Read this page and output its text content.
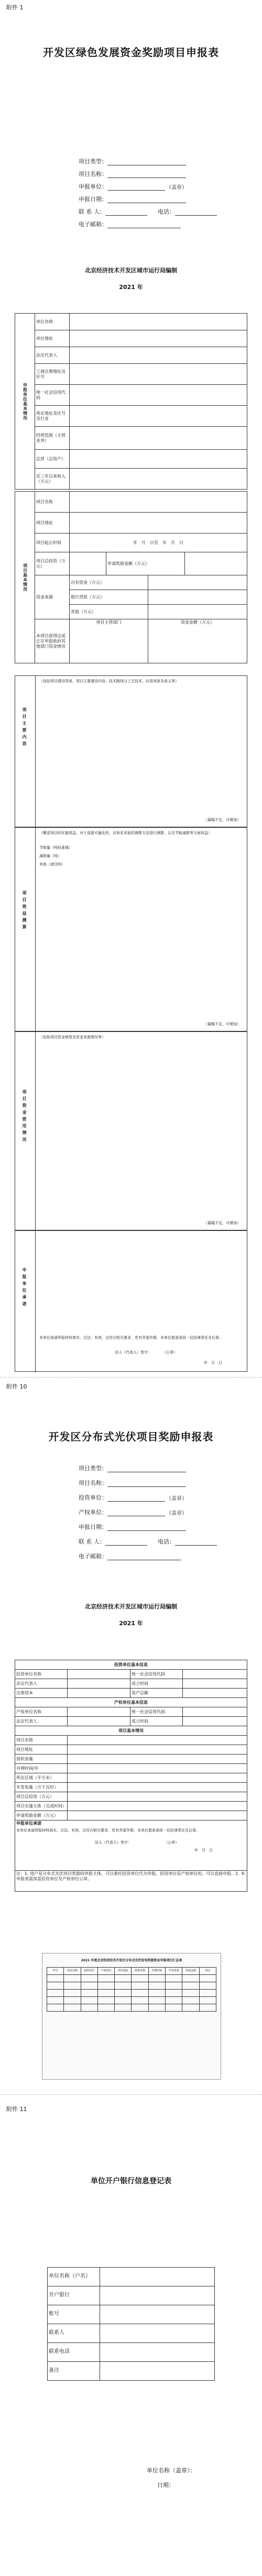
附件 1
开发区绿色发展资金奖励项目申报表
项目类型：
项目名称：
申报单位：	（盖章）
申报日期：
联 系 人：	电话：
电子邮箱：
北京经济技术开发区城市运行局编制
2021 年
申报单位基本情况	单位名称	
	单位地址	
	法定代表人	
	工商注册地址及区号	
	统一社会信用代码	
	所在地址及区号及行业	
	经营范围（主营业务）	
	总营（总资产）	
	近三年以来收入（万元）	
项目基本情况	项目名称				
	项目地址				
	项目起止时间	年　月　日至　年　月　日			
	项目总投资（万元）		申请奖励金额（万元）		
	资金来源	自有资金（万元）			
		银行贷款（万元）			
		其他（万元）			
	本项目获得过或正在申报政府其他部门资金情况	项目主管部门		资金金额（万元）	
项目主要内容
（包括项目建设背景，项目主要建设内容，技术路线与工艺技术，应用场景及意义等）
（篇幅不足，可增加）
项目效益测算
（概述项目的实施效益，对于直接可量化的，应如实采取的测算方法进行测算，以及节能减排等方面效益）
节能量（吨标准煤）
减排量（吨）
其他（请注明）
（篇幅不足，可增加）
项目资金使用情况
（包括项目资金使用及资金来源情况等）
（篇幅不足，可增加）
申报单位承诺
本单位承诺所报材料真实、合法、有效，且符合相关要求，若有弄虚作假，本单位愿意承担一切法律责任及后果。
法人（代表人）签字：　　　　（公章）
年　月　日
附件 10
开发区分布式光伏项目奖励申报表
项目类型：
项目名称：
投资单位：	（盖章）
产权单位：	（盖章）
申报日期：
联 系 人：	电话：
电子邮箱：
北京经济技术开发区城市运行局编制
2021 年
投资单位基本信息			
投资单位名称		统一社会信用代码	
法定代表人		成立时间	
注册资本		资产总额	
产权单位基本信息			
产权单位名称		统一社会信用代码	
法定代表人		成立时间	
项目基本情况			
项目名称			
项目地址			
装机容量			
并网时间/年			
所在区域（平方米）			
年发电量（万千瓦时）			
项目总投资（万元）			
项目实施主体（完成时间）			
申请奖励金额（万元）			

申报单位承诺
本单位承诺所报材料真实、合法、有效，且符合相关要求，若有弄虚作假，本单位愿意承担一切法律责任及后果。
法人（代表人）签字： （公章）
年　月　日			

注：1. 用户是分布式光伏项目奖励的申报主体，可以委托投资单位代为申报，投资单位是产权单位的，可以直接申报。2. 本申报表需加盖投资单位及产权单位公章。			
2021 年度北京经济技术开发区分布式光伏发电奖励资金申报项目汇总表
序号	项目名称	投资单位	产权单位	项目地址	装机容量	并网时间	年发电量	奖励金额	备注

附件 11
单位开户银行信息登记表
单位名称（户名）	
开户银行	
账号	
联系人	
联系电话	
备注	
单位名称（盖章）：
日期：
